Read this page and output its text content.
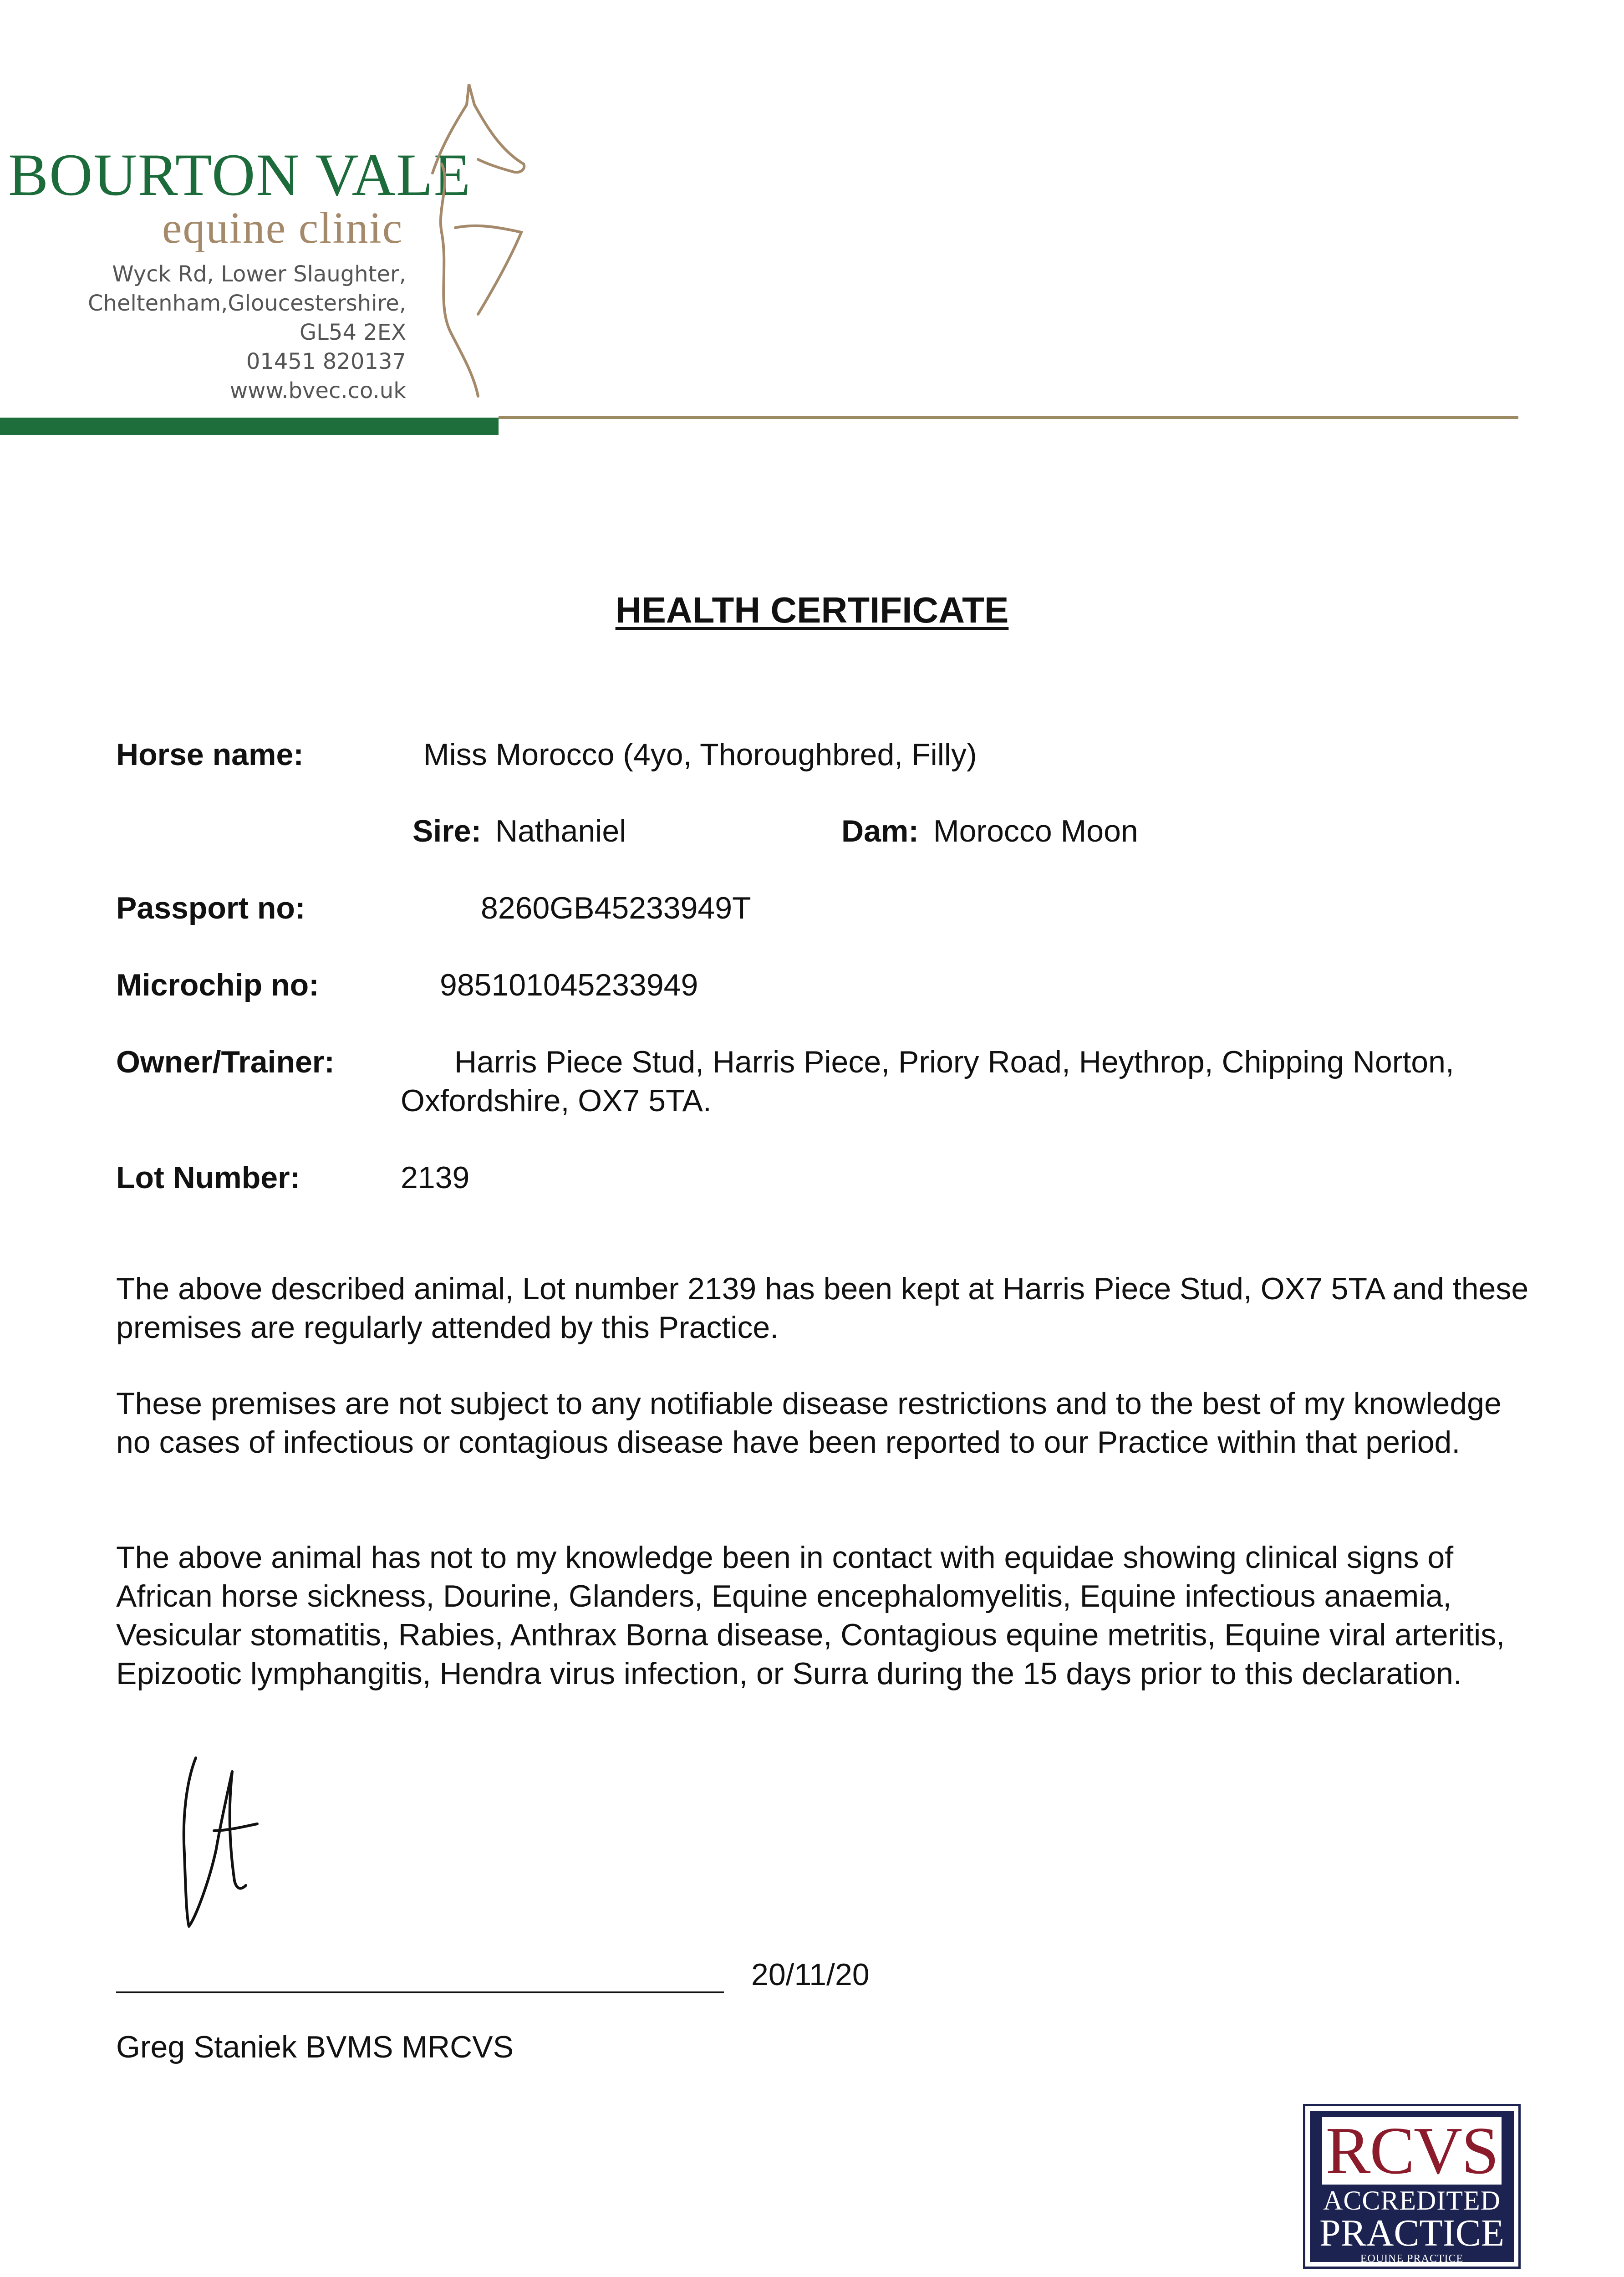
BOURTON VALE
equine clinic
Wyck Rd, Lower Slaughter,
Cheltenham,Gloucestershire,
GL54 2EX
01451 820137
www.bvec.co.uk
HEALTH CERTIFICATE
Horse name:	Miss Morocco (4yo, Thoroughbred, Filly)
Sire: Nathaniel	Dam: Morocco Moon
Passport no:	8260GB45233949T
Microchip no:	985101045233949
Owner/Trainer:	Harris Piece Stud, Harris Piece, Priory Road, Heythrop, Chipping Norton,
Oxfordshire, OX7 5TA.
Lot Number:	2139
The above described animal, Lot number 2139 has been kept at Harris Piece Stud, OX7 5TA and these premises are regularly attended by this Practice.
These premises are not subject to any notifiable disease restrictions and to the best of my knowledge no cases of infectious or contagious disease have been reported to our Practice within that period.
The above animal has not to my knowledge been in contact with equidae showing clinical signs of African horse sickness, Dourine, Glanders, Equine encephalomyelitis, Equine infectious anaemia, Vesicular stomatitis, Rabies, Anthrax Borna disease, Contagious equine metritis, Equine viral arteritis, Epizootic lymphangitis, Hendra virus infection, or Surra during the 15 days prior to this declaration.
20/11/20
Greg Staniek BVMS MRCVS
RCVS
ACCREDITED
PRACTICE
EQUINE PRACTICE
